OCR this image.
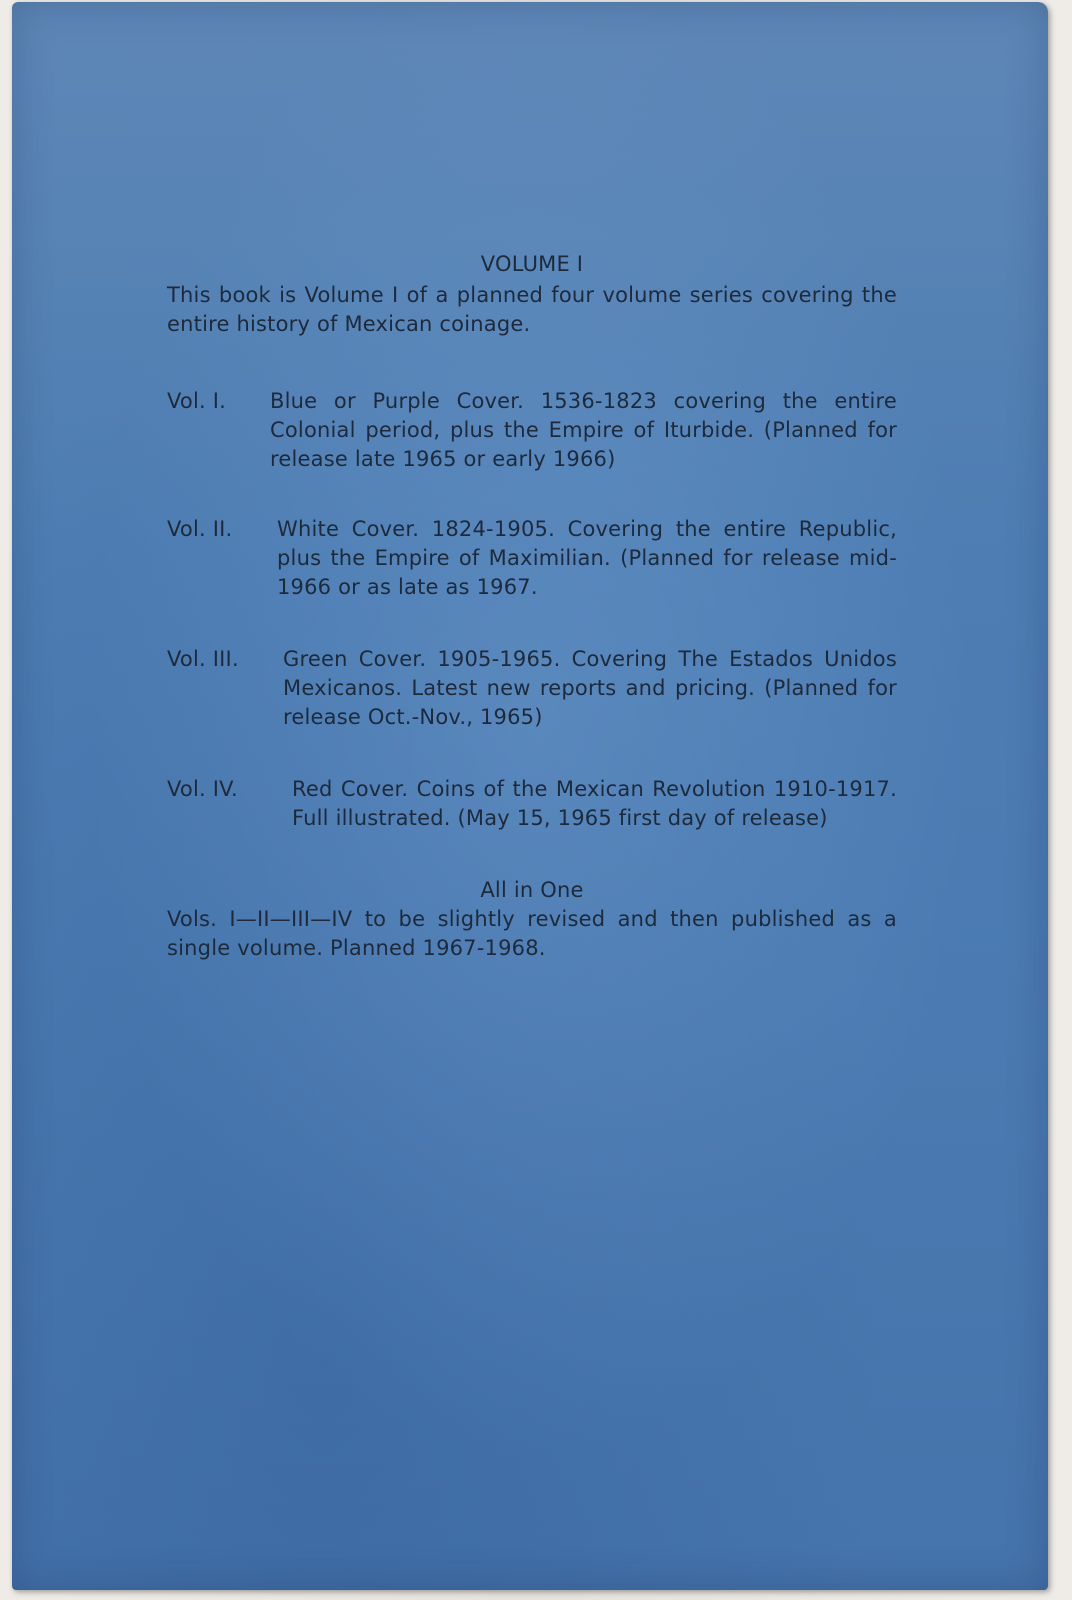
VOLUME I

This book is Volume I of a planned four volume series covering the entire history of Mexican coinage.

Vol. I.	Blue or Purple Cover. 1536-1823 covering the entire Colonial period, plus the Empire of Iturbide. (Planned for release late 1965 or early 1966)
Vol. II.	White Cover. 1824-1905. Covering the entire Republic, plus the Empire of Maximilian. (Planned for release mid-1966 or as late as 1967.
Vol. III.	Green Cover. 1905-1965. Covering The Estados Unidos Mexicanos. Latest new reports and pricing. (Planned for release Oct.-Nov., 1965)
Vol. IV.	Red Cover. Coins of the Mexican Revolution 1910-1917. Full illustrated. (May 15, 1965 first day of release)

All in One

Vols. I—II—III—IV to be slightly revised and then published as a single volume. Planned 1967-1968.
